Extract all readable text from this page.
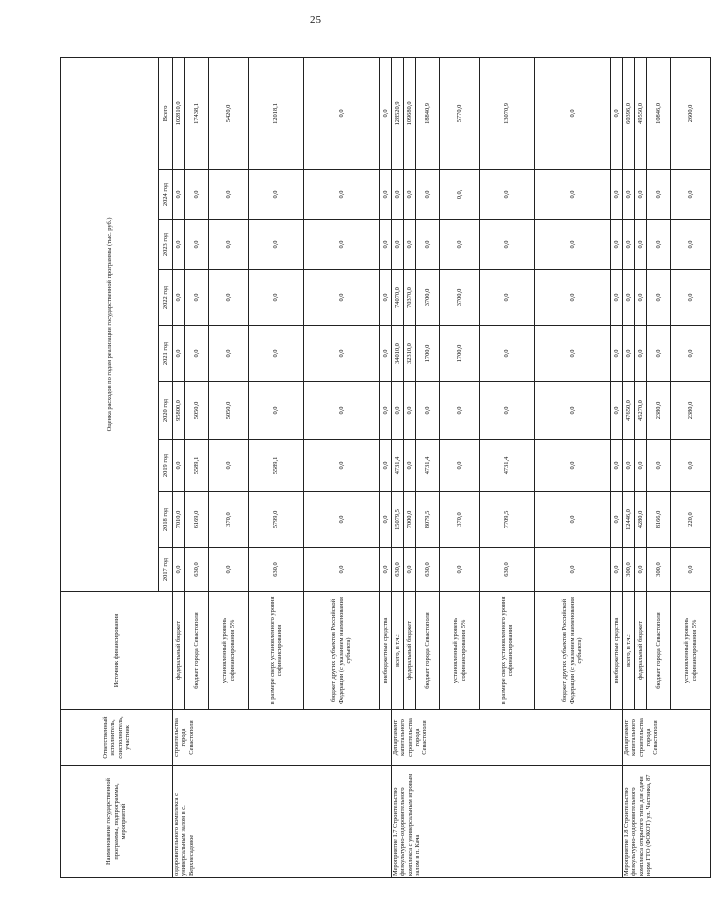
25
Наименование государственной программы, подпрограммы, мероприятий	Ответственный исполнитель, соисполнитель, участник	Источник финансирования	Оценка расходов по годам реализации государственной программы (тыс. руб.)								
			2017 год	2018 год	2019 год	2020 год	2021 год	2022 год	2023 год	2024 год	Всего
оздоровительного комплекса с универсальным залом в с. Верхнесадовое	строительства города Севастополя	федеральный бюджет	0,0	7010,0	0,0	95800,0	0,0	0,0	0,0	0,0	102810,0
		бюджет города Севастополя	630,0	6169,0	5589,1	5050,0	0,0	0,0	0,0	0,0	17438,1
		установленный уровень софинансирования 5%	0,0	370,0	0,0	5050,0	0,0	0,0	0,0	0,0	5420,0
		в размере сверх установленного уровня софинансирования	630,0	5799,0	5589,1	0,0	0,0	0,0	0,0	0,0	12018,1
		бюджет других субъектов Российской Федерации (с указанием наименования субъекта)	0,0	0,0	0,0	0,0	0,0	0,0	0,0	0,0	0,0
		внебюджетные средства	0,0	0,0	0,0	0,0	0,0	0,0	0,0	0,0	0,0
Мероприятие 1.7 Строительство физкультурно-оздоровительного комплекса с универсальным игровым залом в п. Кача	Департамент капитального строительства города Севастополя	всего, в т.ч.:	630,0	15079,5	4731,4	0,0	34010,0	74070,0	0,0	0,0	128520,9
		федеральный бюджет	0,0	7000,0	0,0	0,0	32310,0	70370,0	0,0	0,0	109680,0
		бюджет города Севастополя	630,0	8079,5	4731,4	0,0	1700,0	3700,0	0,0	0,0	18840,9
		установленный уровень софинансирования 5%	0,0	370,0	0,0	0,0	1700,0	3700,0	0,0	0,0,	5770,0
		в размере сверх установленного уровня софинансирования	630,0	7709,5	4731,4	0,0	0,0	0,0	0,0	0,0	13070,9
		бюджет других субъектов Российской Федерации (с указанием наименования субъекта)	0,0	0,0	0,0	0,0	0,0	0,0	0,0	0,0	0,0
		внебюджетные средства	0,0	0,0	0,0	0,0	0,0	0,0	0,0	0,0	0,0
Мероприятие 1.8 Строительство физкультурно-оздоровительного комплекса открытого типа для сдачи норм ГТО (ФОКОТ) ул. Частника, 87	Департамент капитального строительства города Севастополя	всего, в т.ч.:	300,0	12446,0	0,0	47650,0	0,0	0,0	0,0	0,0	60396,0
		федеральный бюджет	0,0	4280,0	0,0	45270,0	0,0	0,0	0,0	0,0	49550,0
		бюджет города Севастополя	300,0	8166,0	0,0	2380,0	0,0	0,0	0,0	0,0	10846,0
		установленный уровень софинансирования 5%	0,0	220,0	0,0	2380,0	0,0	0,0	0,0	0,0	2600,0
